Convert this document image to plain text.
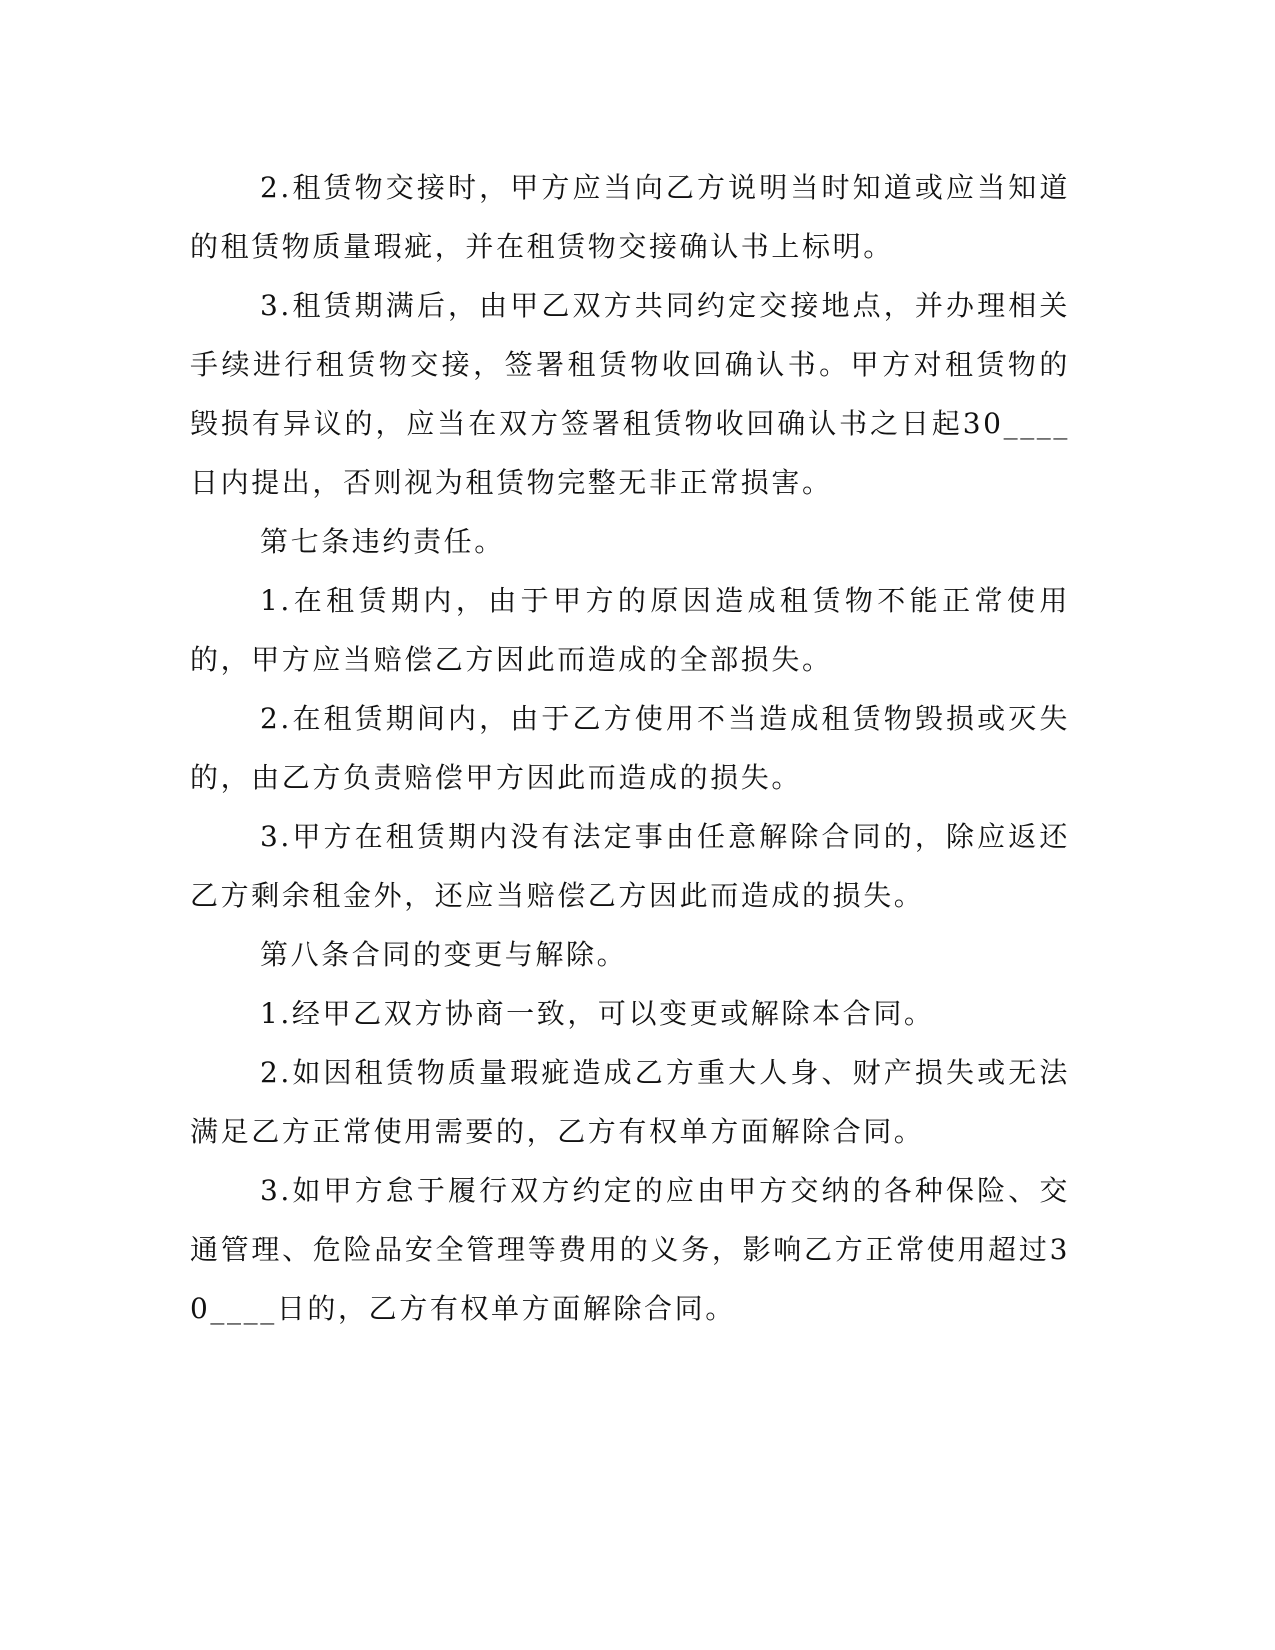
2.租赁物交接时，甲方应当向乙方说明当时知道或应当知道的租赁物质量瑕疵，并在租赁物交接确认书上标明。

3.租赁期满后，由甲乙双方共同约定交接地点，并办理相关手续进行租赁物交接，签署租赁物收回确认书。甲方对租赁物的毁损有异议的，应当在双方签署租赁物收回确认书之日起30____日内提出，否则视为租赁物完整无非正常损害。

第七条违约责任。

1.在租赁期内，由于甲方的原因造成租赁物不能正常使用的，甲方应当赔偿乙方因此而造成的全部损失。

2.在租赁期间内，由于乙方使用不当造成租赁物毁损或灭失的，由乙方负责赔偿甲方因此而造成的损失。

3.甲方在租赁期内没有法定事由任意解除合同的，除应返还乙方剩余租金外，还应当赔偿乙方因此而造成的损失。

第八条合同的变更与解除。

1.经甲乙双方协商一致，可以变更或解除本合同。

2.如因租赁物质量瑕疵造成乙方重大人身、财产损失或无法满足乙方正常使用需要的，乙方有权单方面解除合同。

3.如甲方怠于履行双方约定的应由甲方交纳的各种保险、交通管理、危险品安全管理等费用的义务，影响乙方正常使用超过30____日的，乙方有权单方面解除合同。
